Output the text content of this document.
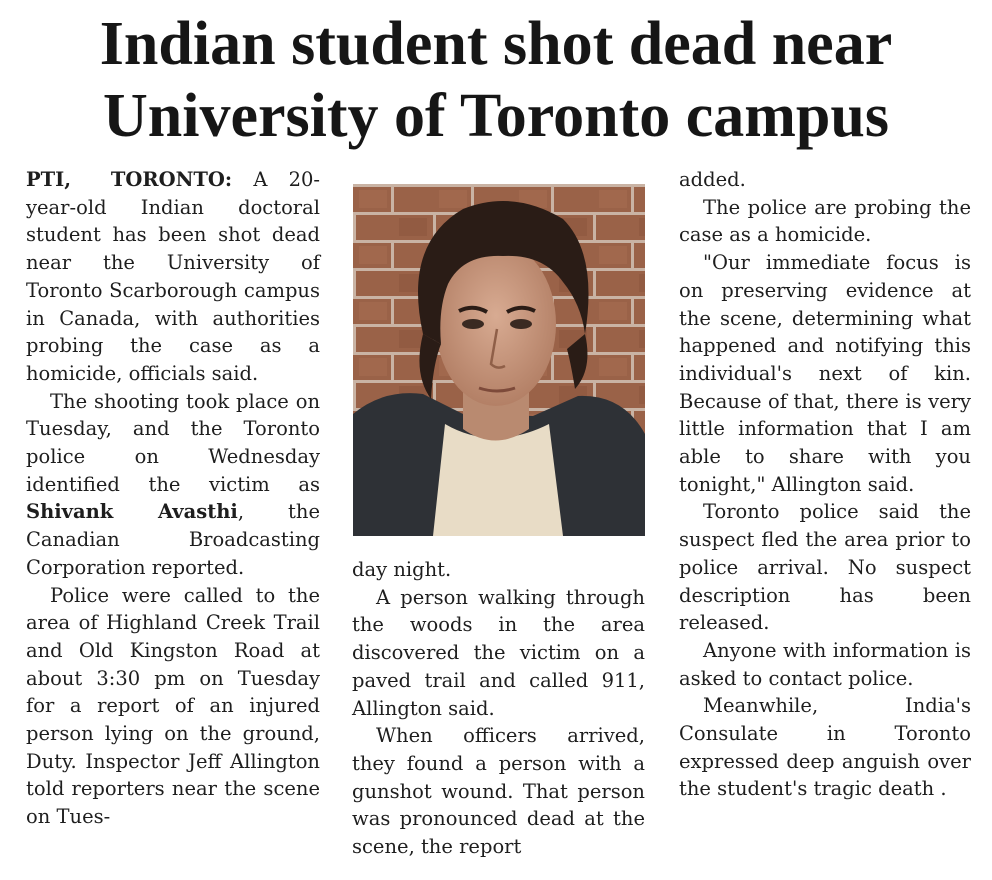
Indian student shot dead near
University of Toronto campus

PTI, TORONTO: A 20-year-old Indian doctoral student has been shot dead near the University of Toronto Scarborough campus in Canada, with authorities probing the case as a homicide, officials said.

The shooting took place on Tuesday, and the Toronto police on Wednesday identified the victim as Shivank Avasthi, the Canadian Broadcasting Corporation reported.

Police were called to the area of Highland Creek Trail and Old Kingston Road at about 3:30 pm on Tuesday for a report of an injured person lying on the ground, Duty. Inspector Jeff Allington told reporters near the scene on Tues-

day night.

A person walking through the woods in the area discovered the victim on a paved trail and called 911, Allington said.

When officers arrived, they found a person with a gunshot wound. That person was pronounced dead at the scene, the report

added.

The police are probing the case as a homicide.

"Our immediate focus is on preserving evidence at the scene, determining what happened and notifying this individual's next of kin. Because of that, there is very little information that I am able to share with you tonight," Allington said.

Toronto police said the suspect fled the area prior to police arrival. No suspect description has been released.

Anyone with information is asked to contact police.

Meanwhile, India's Consulate in Toronto expressed deep anguish over the student's tragic death .
